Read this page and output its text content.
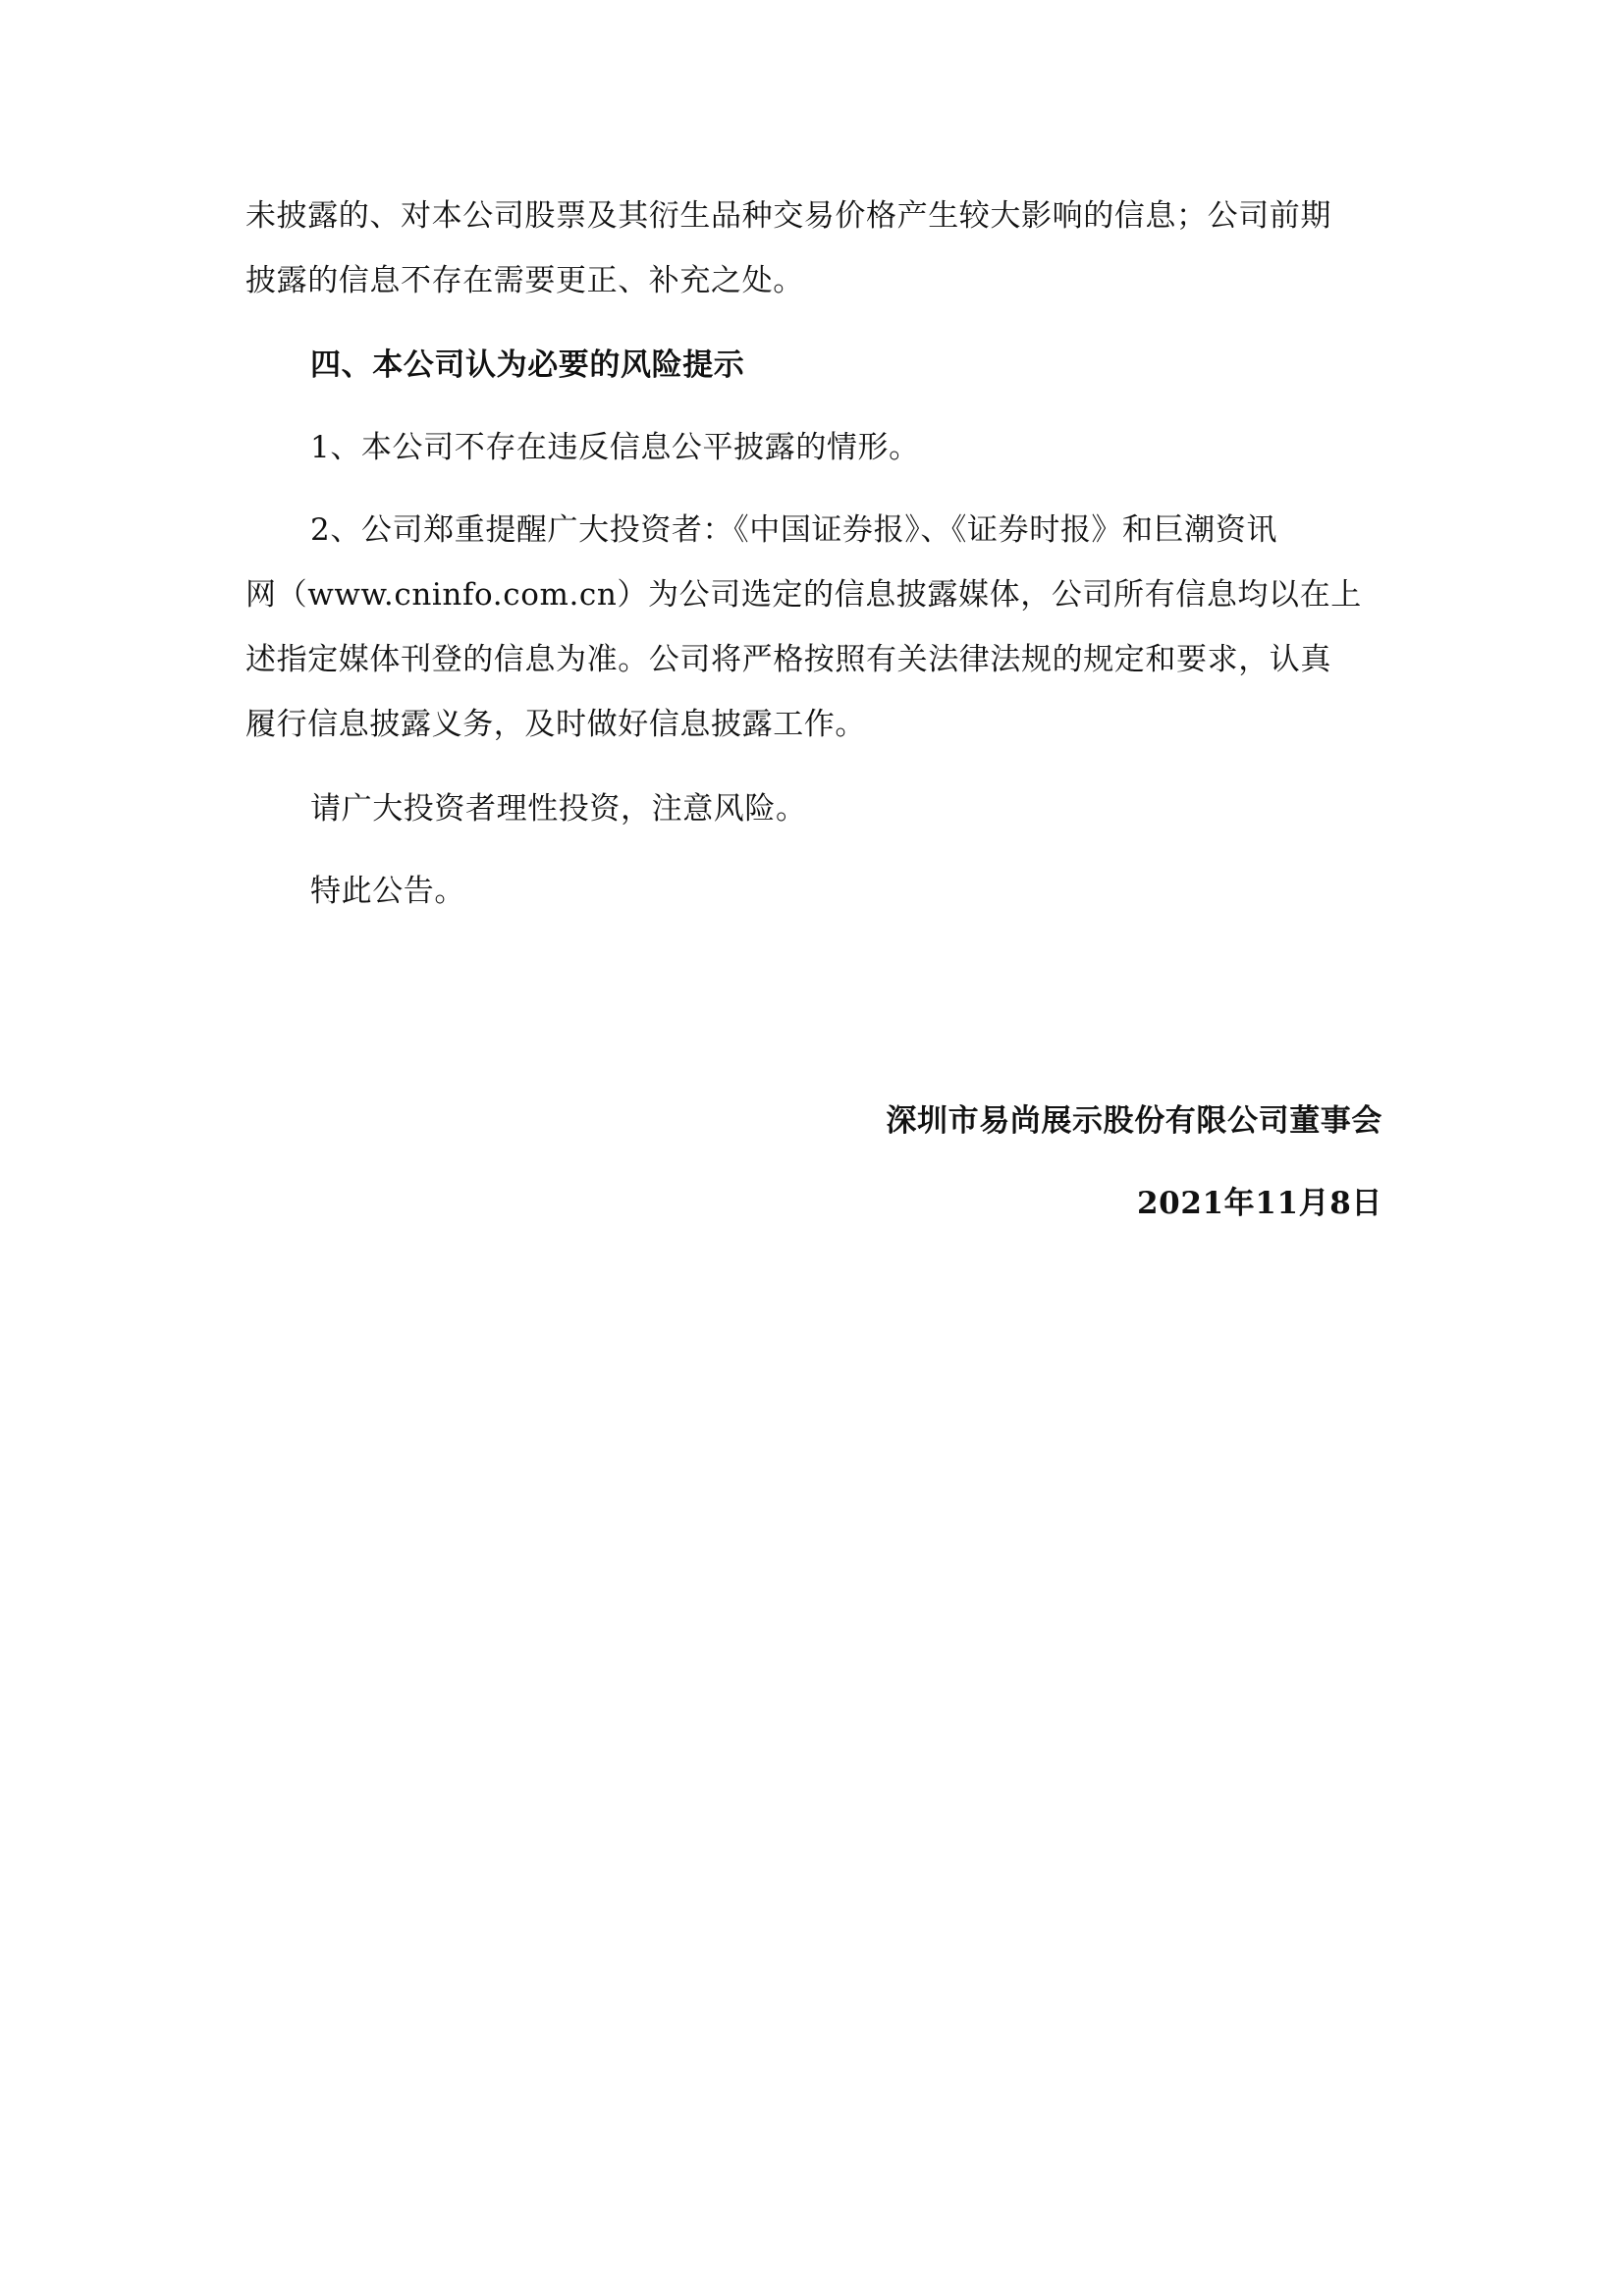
未披露的、对本公司股票及其衍生品种交易价格产生较大影响的信息；公司前期
披露的信息不存在需要更正、补充之处。
四、本公司认为必要的风险提示
1、本公司不存在违反信息公平披露的情形。
2、公司郑重提醒广大投资者：《中国证券报》、《证券时报》和巨潮资讯
网（www.cninfo.com.cn）为公司选定的信息披露媒体，公司所有信息均以在上
述指定媒体刊登的信息为准。公司将严格按照有关法律法规的规定和要求，认真
履行信息披露义务，及时做好信息披露工作。
请广大投资者理性投资，注意风险。
特此公告。
深圳市易尚展示股份有限公司董事会
2021年11月8日
